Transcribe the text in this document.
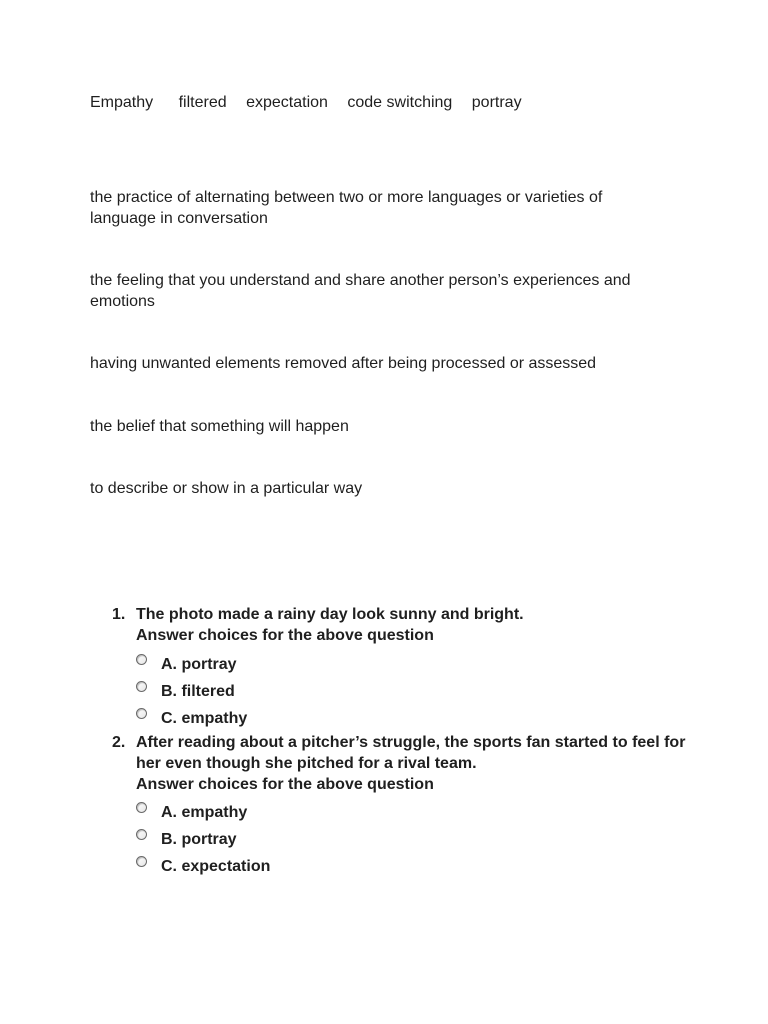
Empathy filtered expectation code switching portray

the practice of alternating between two or more languages or varieties of language in conversation

the feeling that you understand and share another person’s experiences and emotions

having unwanted elements removed after being processed or assessed

the belief that something will happen

to describe or show in a particular way

1. The photo made a rainy day look sunny and bright.
Answer choices for the above question
A. portray
B. filtered
C. empathy
2. After reading about a pitcher’s struggle, the sports fan started to feel for her even though she pitched for a rival team.
Answer choices for the above question
A. empathy
B. portray
C. expectation
